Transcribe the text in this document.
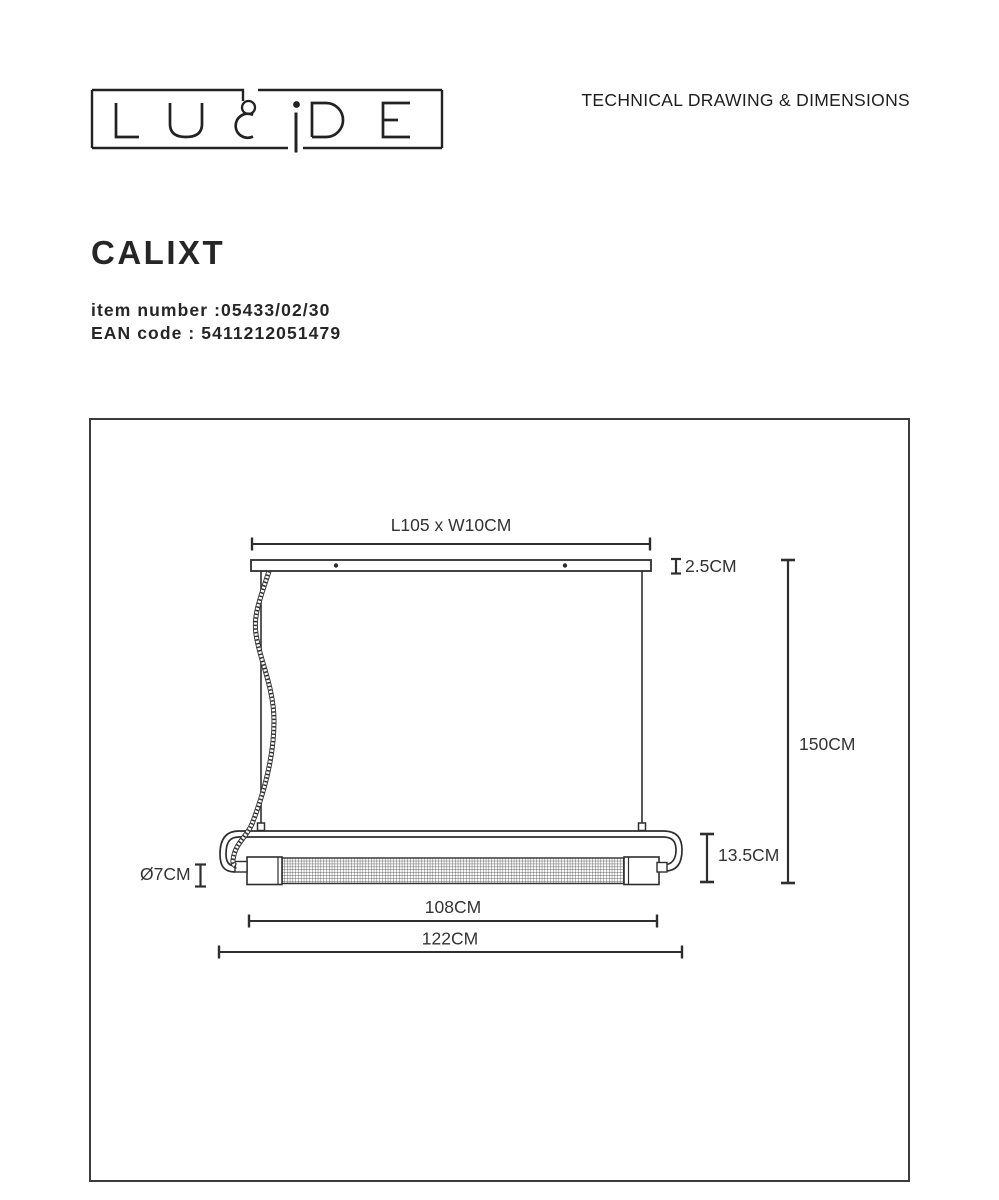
TECHNICAL DRAWING & DIMENSIONS
CALIXT
item number :05433/02/30
EAN code : 5411212051479
L105 x W10CM
2.5CM
150CM
Ø7CM
13.5CM
108CM
122CM
